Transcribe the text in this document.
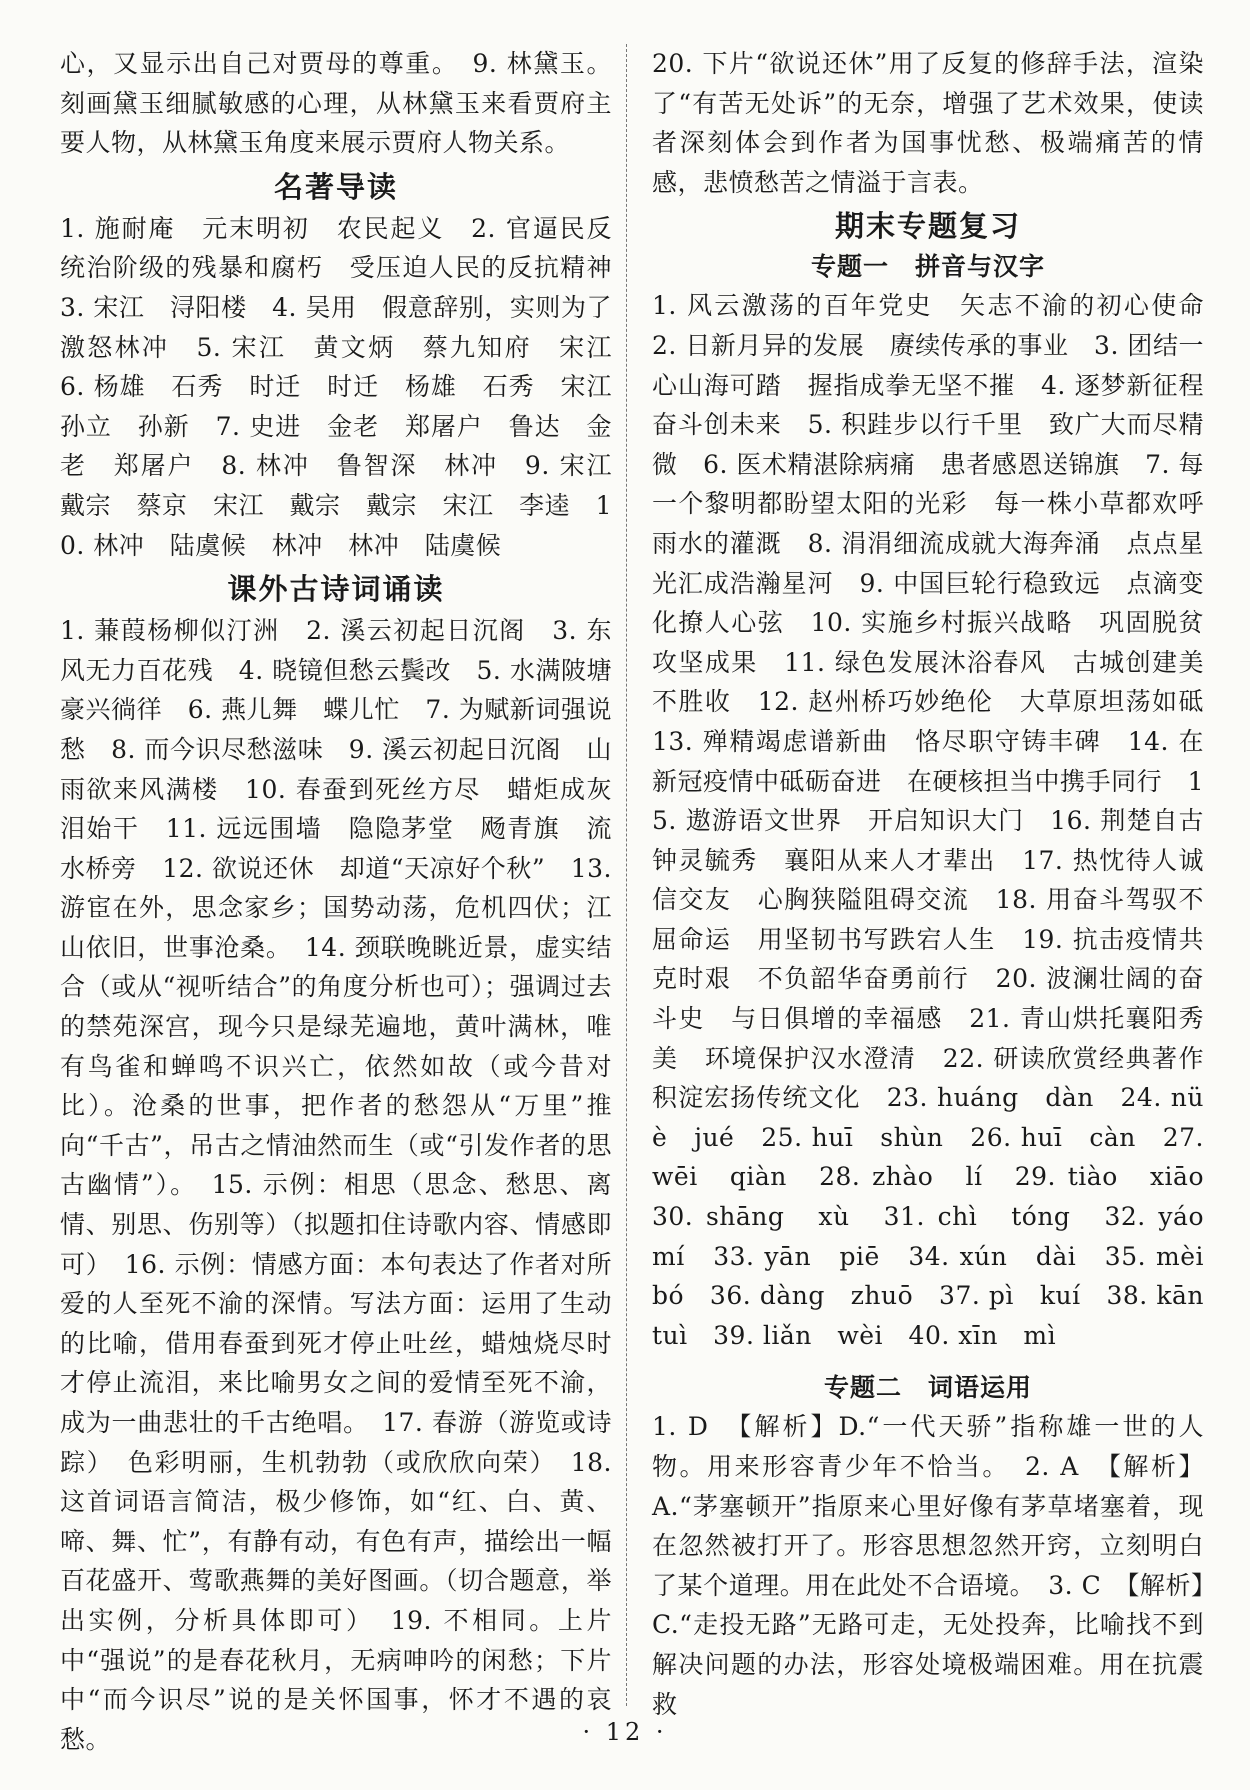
心，又显示出自己对贾母的尊重。　9. 林黛玉。刻画黛玉细腻敏感的心理，从林黛玉来看贾府主要人物，从林黛玉角度来展示贾府人物关系。

名著导读

1. 施耐庵　元末明初　农民起义　2. 官逼民反　统治阶级的残暴和腐朽　受压迫人民的反抗精神　3. 宋江　浔阳楼　4. 吴用　假意辞别，实则为了激怒林冲　5. 宋江　黄文炳　蔡九知府　宋江　6. 杨雄　石秀　时迁　时迁　杨雄　石秀　宋江　孙立　孙新　7. 史进　金老　郑屠户　鲁达　金老　郑屠户　8. 林冲　鲁智深　林冲　9. 宋江　戴宗　蔡京　宋江　戴宗　戴宗　宋江　李逵　10. 林冲　陆虞候　林冲　林冲　陆虞候

课外古诗词诵读

1. 蒹葭杨柳似汀洲　2. 溪云初起日沉阁　3. 东风无力百花残　4. 晓镜但愁云鬓改　5. 水满陂塘豪兴徜徉　6. 燕儿舞　蝶儿忙　7. 为赋新词强说愁　8. 而今识尽愁滋味　9. 溪云初起日沉阁　山雨欲来风满楼　10. 春蚕到死丝方尽　蜡炬成灰泪始干　11. 远远围墙　隐隐茅堂　飏青旗　流水桥旁　12. 欲说还休　却道“天凉好个秋”　13. 游宦在外，思念家乡；国势动荡，危机四伏；江山依旧，世事沧桑。　14. 颈联晚眺近景，虚实结合（或从“视听结合”的角度分析也可）；强调过去的禁苑深宫，现今只是绿芜遍地，黄叶满林，唯有鸟雀和蝉鸣不识兴亡，依然如故（或今昔对比）。沧桑的世事，把作者的愁怨从“万里”推向“千古”，吊古之情油然而生（或“引发作者的思古幽情”）。　15. 示例：相思（思念、愁思、离情、别思、伤别等）（拟题扣住诗歌内容、情感即可）　16. 示例：情感方面：本句表达了作者对所爱的人至死不渝的深情。写法方面：运用了生动的比喻，借用春蚕到死才停止吐丝，蜡烛烧尽时才停止流泪，来比喻男女之间的爱情至死不渝，成为一曲悲壮的千古绝唱。　17. 春游（游览或诗踪）　色彩明丽，生机勃勃（或欣欣向荣）　18. 这首词语言简洁，极少修饰，如“红、白、黄、啼、舞、忙”，有静有动，有色有声，描绘出一幅百花盛开、莺歌燕舞的美好图画。（切合题意，举出实例，分析具体即可）　19. 不相同。上片中“强说”的是春花秋月，无病呻吟的闲愁；下片中“而今识尽”说的是关怀国事，怀才不遇的哀愁。

20. 下片“欲说还休”用了反复的修辞手法，渲染了“有苦无处诉”的无奈，增强了艺术效果，使读者深刻体会到作者为国事忧愁、极端痛苦的情感，悲愤愁苦之情溢于言表。

期末专题复习
专题一　拼音与汉字

1. 风云激荡的百年党史　矢志不渝的初心使命　2. 日新月异的发展　赓续传承的事业　3. 团结一心山海可踏　握指成拳无坚不摧　4. 逐梦新征程　奋斗创未来　5. 积跬步以行千里　致广大而尽精微　6. 医术精湛除病痛　患者感恩送锦旗　7. 每一个黎明都盼望太阳的光彩　每一株小草都欢呼雨水的灌溉　8. 涓涓细流成就大海奔涌　点点星光汇成浩瀚星河　9. 中国巨轮行稳致远　点滴变化撩人心弦　10. 实施乡村振兴战略　巩固脱贫攻坚成果　11. 绿色发展沐浴春风　古城创建美不胜收　12. 赵州桥巧妙绝伦　大草原坦荡如砥　13. 殚精竭虑谱新曲　恪尽职守铸丰碑　14. 在新冠疫情中砥砺奋进　在硬核担当中携手同行　15. 遨游语文世界　开启知识大门　16. 荆楚自古钟灵毓秀　襄阳从来人才辈出　17. 热忱待人诚信交友　心胸狭隘阻碍交流　18. 用奋斗驾驭不屈命运　用坚韧书写跌宕人生　19. 抗击疫情共克时艰　不负韶华奋勇前行　20. 波澜壮阔的奋斗史　与日俱增的幸福感　21. 青山烘托襄阳秀美　环境保护汉水澄清　22. 研读欣赏经典著作　积淀宏扬传统文化　23. huáng　dàn　24. nüè　jué　25. huī　shùn　26. huī　càn　27. wēi　qiàn　28. zhào　lí　29. tiào　xiāo　30. shāng　xù　31. chì　tóng　32. yáo　mí　33. yān　piē　34. xún　dài　35. mèi　bó　36. dàng　zhuō　37. pì　kuí　38. kān　tuì　39. liǎn　wèi　40. xīn　mì

专题二　词语运用

1. D　【解析】D.“一代天骄”指称雄一世的人物。用来形容青少年不恰当。　2. A　【解析】A.“茅塞顿开”指原来心里好像有茅草堵塞着，现在忽然被打开了。形容思想忽然开窍，立刻明白了某个道理。用在此处不合语境。　3. C　【解析】C.“走投无路”无路可走，无处投奔，比喻找不到解决问题的办法，形容处境极端困难。用在抗震救

· 12 ·
